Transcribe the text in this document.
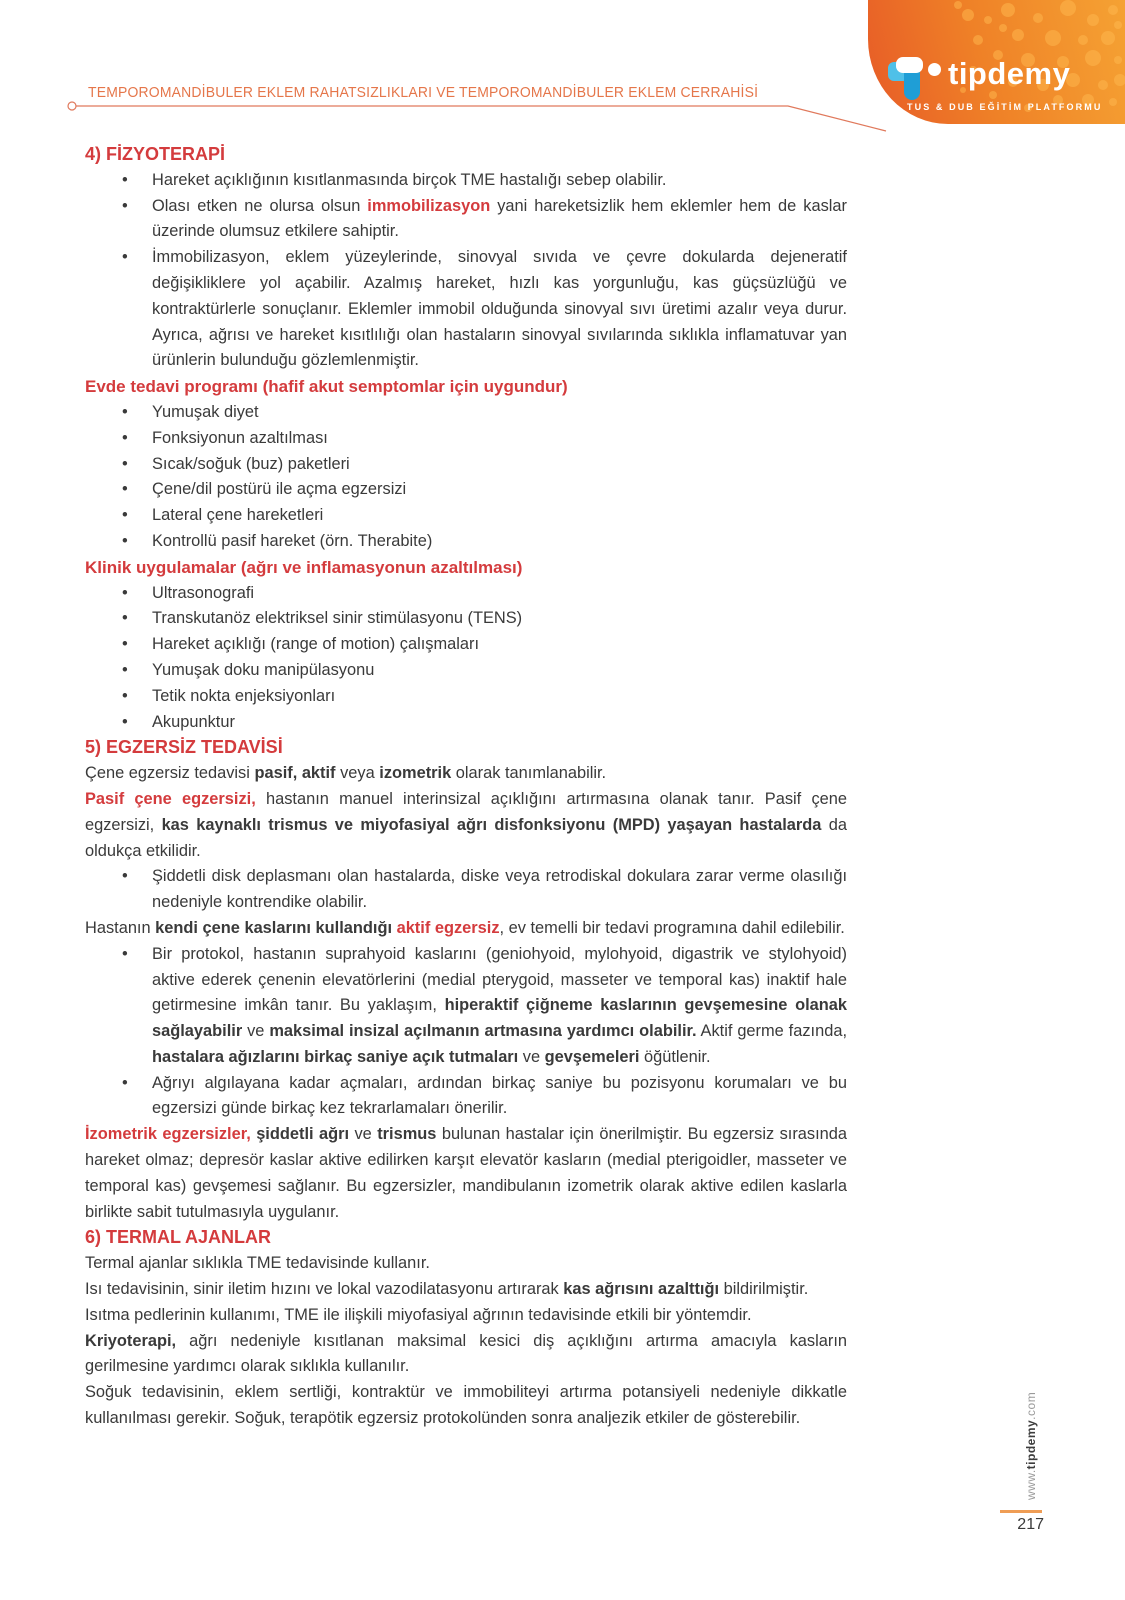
TEMPOROMANDİBULER EKLEM RAHATSIZLIKLARI VE TEMPOROMANDİBULER EKLEM CERRAHİSİ
tipdemy
TUS & DUB EĞİTİM PLATFORMU
4) FİZYOTERAPİ
•	Hareket açıklığının kısıtlanmasında birçok TME hastalığı sebep olabilir.
•	Olası etken ne olursa olsun immobilizasyon yani hareketsizlik hem eklemler hem de kaslar üzerinde olumsuz etkilere sahiptir.
•	İmmobilizasyon, eklem yüzeylerinde, sinovyal sıvıda ve çevre dokularda dejeneratif değişikliklere yol açabilir. Azalmış hareket, hızlı kas yorgunluğu, kas güçsüzlüğü ve kontraktürlerle sonuçlanır. Eklemler immobil olduğunda sinovyal sıvı üretimi azalır veya durur. Ayrıca, ağrısı ve hareket kısıtlılığı olan hastaların sinovyal sıvılarında sıklıkla inflamatuvar yan ürünlerin bulunduğu gözlemlenmiştir.
Evde tedavi programı (hafif akut semptomlar için uygundur)
•	Yumuşak diyet
•	Fonksiyonun azaltılması
•	Sıcak/soğuk (buz) paketleri
•	Çene/dil postürü ile açma egzersizi
•	Lateral çene hareketleri
•	Kontrollü pasif hareket (örn. Therabite)
Klinik uygulamalar (ağrı ve inflamasyonun azaltılması)
•	Ultrasonografi
•	Transkutanöz elektriksel sinir stimülasyonu (TENS)
•	Hareket açıklığı (range of motion) çalışmaları
•	Yumuşak doku manipülasyonu
•	Tetik nokta enjeksiyonları
•	Akupunktur
5) EGZERSİZ TEDAVİSİ
Çene egzersiz tedavisi pasif, aktif veya izometrik olarak tanımlanabilir.
Pasif çene egzersizi, hastanın manuel interinsizal açıklığını artırmasına olanak tanır. Pasif çene egzersizi, kas kaynaklı trismus ve miyofasiyal ağrı disfonksiyonu (MPD) yaşayan hastalarda da oldukça etkilidir.
•	Şiddetli disk deplasmanı olan hastalarda, diske veya retrodiskal dokulara zarar verme olasılığı nedeniyle kontrendike olabilir.
Hastanın kendi çene kaslarını kullandığı aktif egzersiz, ev temelli bir tedavi programına dahil edilebilir.
•	Bir protokol, hastanın suprahyoid kaslarını (geniohyoid, mylohyoid, digastrik ve stylohyoid) aktive ederek çenenin elevatörlerini (medial pterygoid, masseter ve temporal kas) inaktif hale getirmesine imkân tanır. Bu yaklaşım, hiperaktif çiğneme kaslarının gevşemesine olanak sağlayabilir ve maksimal insizal açılmanın artmasına yardımcı olabilir. Aktif germe fazında, hastalara ağızlarını birkaç saniye açık tutmaları ve gevşemeleri öğütlenir.
•	Ağrıyı algılayana kadar açmaları, ardından birkaç saniye bu pozisyonu korumaları ve bu egzersizi günde birkaç kez tekrarlamaları önerilir.
İzometrik egzersizler, şiddetli ağrı ve trismus bulunan hastalar için önerilmiştir. Bu egzersiz sırasında hareket olmaz; depresör kaslar aktive edilirken karşıt elevatör kasların (medial pterigoidler, masseter ve temporal kas) gevşemesi sağlanır. Bu egzersizler, mandibulanın izometrik olarak aktive edilen kaslarla birlikte sabit tutulmasıyla uygulanır.
6) TERMAL AJANLAR
Termal ajanlar sıklıkla TME tedavisinde kullanır.
Isı tedavisinin, sinir iletim hızını ve lokal vazodilatasyonu artırarak kas ağrısını azalttığı bildirilmiştir.
Isıtma pedlerinin kullanımı, TME ile ilişkili miyofasiyal ağrının tedavisinde etkili bir yöntemdir.
Kriyoterapi, ağrı nedeniyle kısıtlanan maksimal kesici diş açıklığını artırma amacıyla kasların gerilmesine yardımcı olarak sıklıkla kullanılır.
Soğuk tedavisinin, eklem sertliği, kontraktür ve immobiliteyi artırma potansiyeli nedeniyle dikkatle kullanılması gerekir. Soğuk, terapötik egzersiz protokolünden sonra analjezik etkiler de gösterebilir.
www.tipdemy.com
217
